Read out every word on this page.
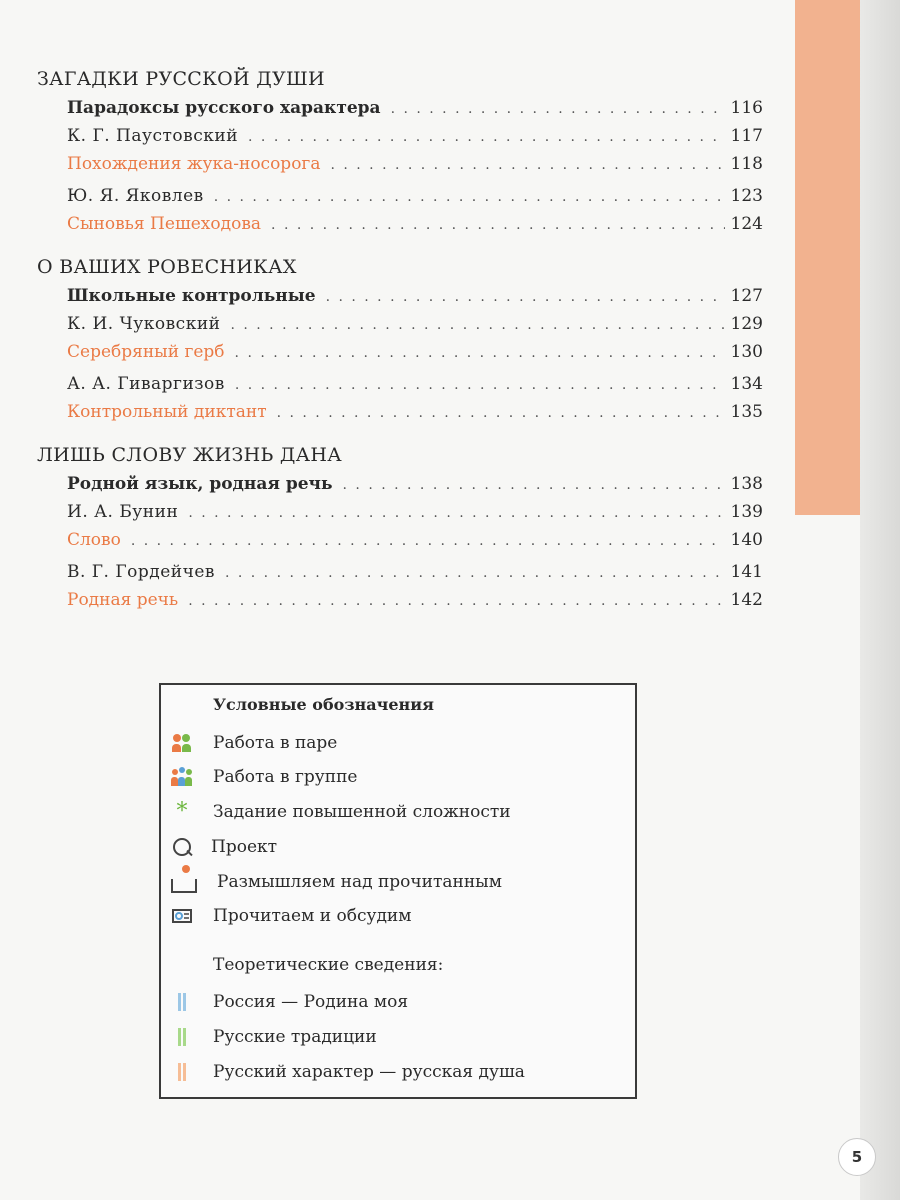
5
ЗАГАДКИ РУССКОЙ ДУШИ
Парадоксы русского характера . . .	116
К. Г. Паустовский . . .	117
Похождения жука-носорога . . .	118
Ю. Я. Яковлев . . .	123
Сыновья Пешеходова . . .	124
О ВАШИХ РОВЕСНИКАХ
Школьные контрольные . . .	127
К. И. Чуковский . . .	129
Серебряный герб . . .	130
А. А. Гиваргизов . . .	134
Контрольный диктант . . .	135
ЛИШЬ СЛОВУ ЖИЗНЬ ДАНА
Родной язык, родная речь . . .	138
И. А. Бунин . . .	139
Слово . . .	140
В. Г. Гордейчев . . .	141
Родная речь . . .	142
Условные обозначения
Работа в паре
Работа в группе
*	Задание повышенной сложности
Проект
Размышляем над прочитанным
Прочитаем и обсудим
Теоретические сведения:
Россия — Родина моя
Русские традиции
Русский характер — русская душа
